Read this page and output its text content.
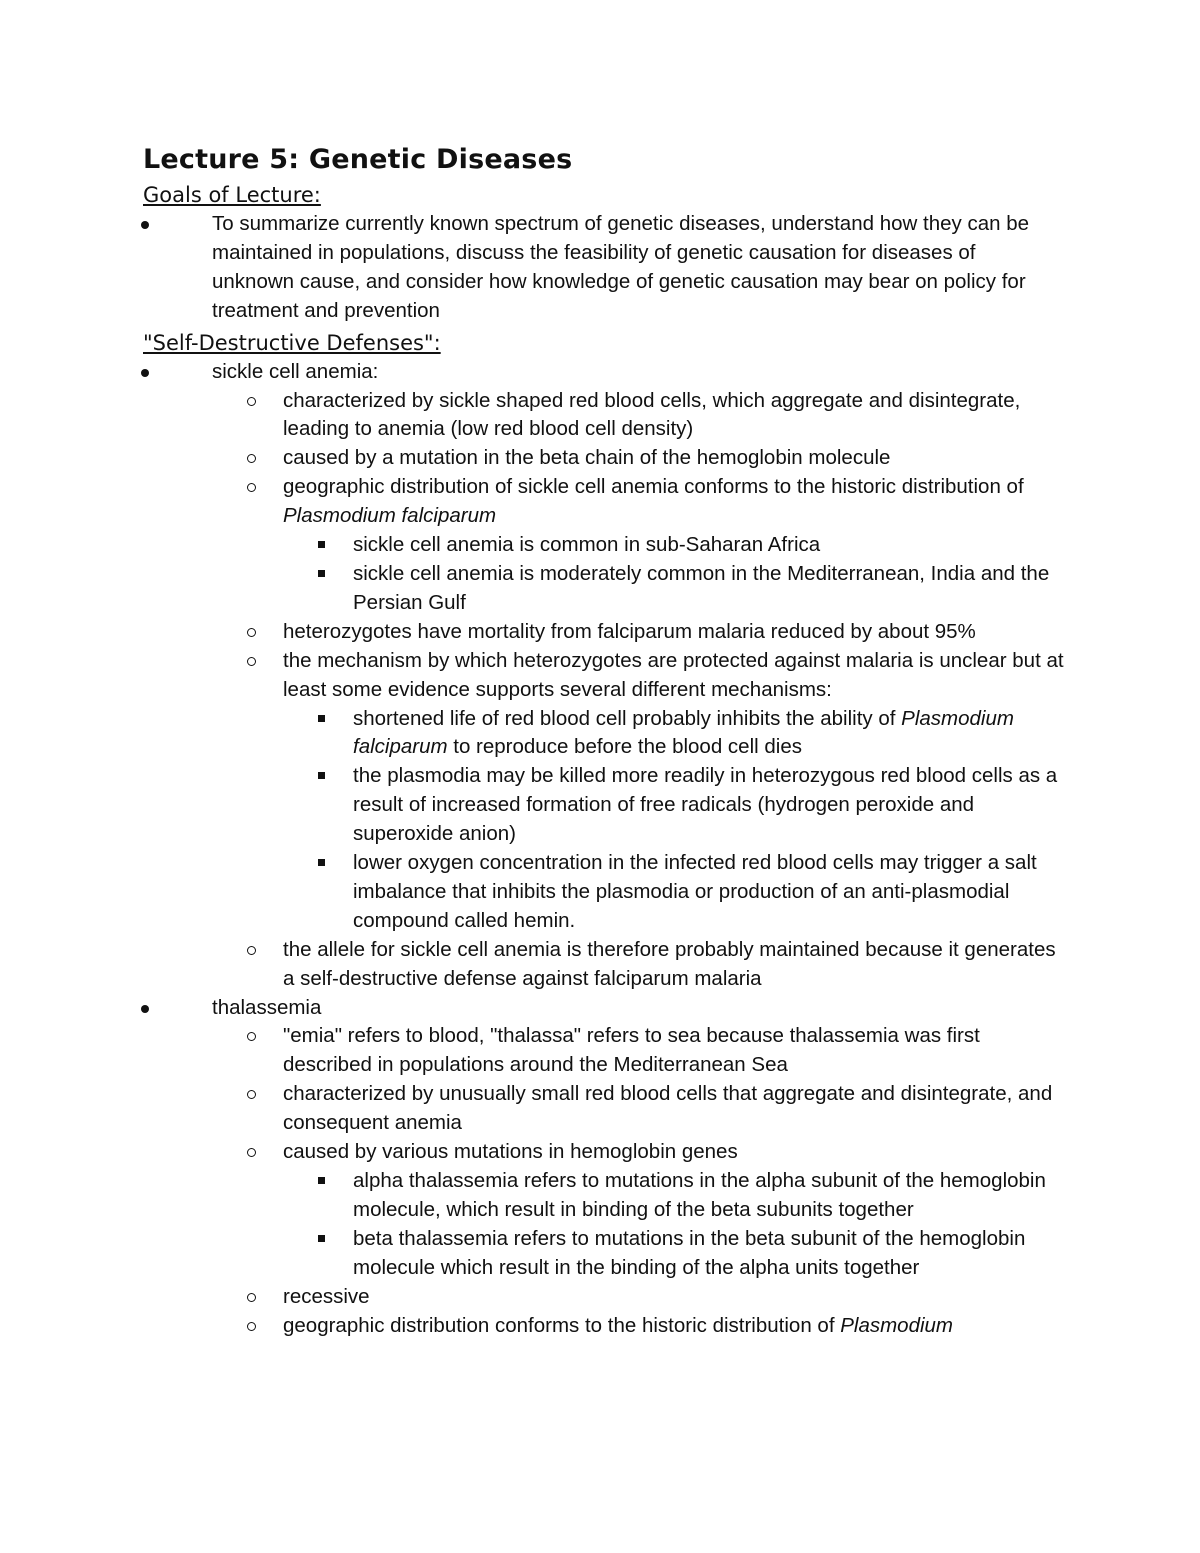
Lecture 5: Genetic Diseases
Goals of Lecture:
To summarize currently known spectrum of genetic diseases, understand how they can be maintained in populations, discuss the feasibility of genetic causation for diseases of unknown cause, and consider how knowledge of genetic causation may bear on policy for treatment and prevention
"Self-Destructive Defenses":
sickle cell anemia:
characterized by sickle shaped red blood cells, which aggregate and disintegrate, leading to anemia (low red blood cell density)
caused by a mutation in the beta chain of the hemoglobin molecule
geographic distribution of sickle cell anemia conforms to the historic distribution of Plasmodium falciparum
sickle cell anemia is common in sub-Saharan Africa
sickle cell anemia is moderately common in the Mediterranean, India and the Persian Gulf
heterozygotes have mortality from falciparum malaria reduced by about 95%
the mechanism by which heterozygotes are protected against malaria is unclear but at least some evidence supports several different mechanisms:
shortened life of red blood cell probably inhibits the ability of Plasmodium falciparum to reproduce before the blood cell dies
the plasmodia may be killed more readily in heterozygous red blood cells as a result of increased formation of free radicals (hydrogen peroxide and superoxide anion)
lower oxygen concentration in the infected red blood cells may trigger a salt imbalance that inhibits the plasmodia or production of an anti-plasmodial compound called hemin.
the allele for sickle cell anemia is therefore probably maintained because it generates a self-destructive defense against falciparum malaria
thalassemia
"emia" refers to blood, "thalassa" refers to sea because thalassemia was first described in populations around the Mediterranean Sea
characterized by unusually small red blood cells that aggregate and disintegrate, and consequent anemia
caused by various mutations in hemoglobin genes
alpha thalassemia refers to mutations in the alpha subunit of the hemoglobin molecule, which result in binding of the beta subunits together
beta thalassemia refers to mutations in the beta subunit of the hemoglobin molecule which result in the binding of the alpha units together
recessive
geographic distribution conforms to the historic distribution of Plasmodium
